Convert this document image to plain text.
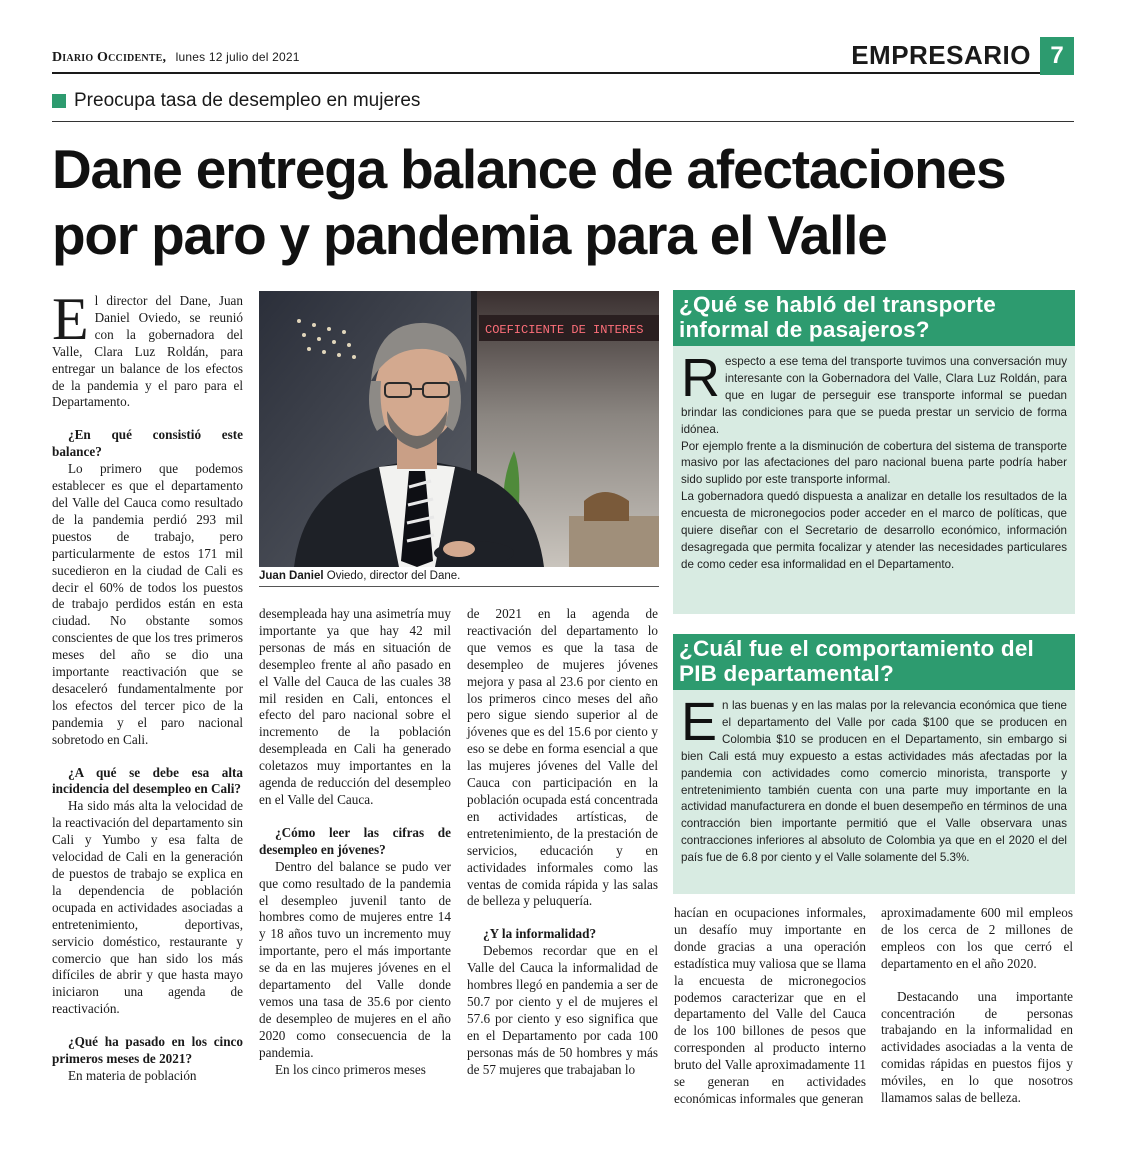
Diario Occidente, lunes 12 julio del 2021	EMPRESARIO 7
Preocupa tasa de desempleo en mujeres
Dane entrega balance de afectaciones por paro y pandemia para el Valle

El director del Dane, Juan Daniel Oviedo, se reunió con la gobernadora del Valle, Clara Luz Roldán, para entregar un balance de los efectos de la pandemia y el paro para el Departamento.

¿En qué consistió este balance?

Lo primero que podemos establecer es que el departamento del Valle del Cauca como resultado de la pandemia perdió 293 mil puestos de trabajo, pero particularmente de estos 171 mil sucedieron en la ciudad de Cali es decir el 60% de todos los puestos de trabajo perdidos están en esta ciudad. No obstante somos conscientes de que los tres primeros meses del año se dio una importante reactivación que se desaceleró fundamentalmente por los efectos del tercer pico de la pandemia y el paro nacional sobretodo en Cali.

¿A qué se debe esa alta incidencia del desempleo en Cali?

Ha sido más alta la velocidad de la reactivación del departamento sin Cali y Yumbo y esa falta de velocidad de Cali en la generación de puestos de trabajo se explica en la dependencia de población ocupada en actividades asociadas a entretenimiento, deportivas, servicio doméstico, restaurante y comercio que han sido los más difíciles de abrir y que hasta mayo iniciaron una agenda de reactivación.

¿Qué ha pasado en los cinco primeros meses de 2021?

En materia de población

COEFICIENTE DE INTERES
Juan Daniel Oviedo, director del Dane.

desempleada hay una asimetría muy importante ya que hay 42 mil personas de más en situación de desempleo frente al año pasado en el Valle del Cauca de las cuales 38 mil residen en Cali, entonces el efecto del paro nacional sobre el incremento de la población desempleada en Cali ha generado coletazos muy importantes en la agenda de reducción del desempleo en el Valle del Cauca.

¿Cómo leer las cifras de desempleo en jóvenes?

Dentro del balance se pudo ver que como resultado de la pandemia el desempleo juvenil tanto de hombres como de mujeres entre 14 y 18 años tuvo un incremento muy importante, pero el más importante se da en las mujeres jóvenes en el departamento del Valle donde vemos una tasa de 35.6 por ciento de desempleo de mujeres en el año 2020 como consecuencia de la pandemia.

En los cinco primeros meses

de 2021 en la agenda de reactivación del departamento lo que vemos es que la tasa de desempleo de mujeres jóvenes mejora y pasa al 23.6 por ciento en los primeros cinco meses del año pero sigue siendo superior al de jóvenes que es del 15.6 por ciento y eso se debe en forma esencial a que las mujeres jóvenes del Valle del Cauca con participación en la población ocupada está concentrada en actividades artísticas, de entretenimiento, de la prestación de servicios, educación y en actividades informales como las ventas de comida rápida y las salas de belleza y peluquería.

¿Y la informalidad?

Debemos recordar que en el Valle del Cauca la informalidad de hombres llegó en pandemia a ser de 50.7 por ciento y el de mujeres el 57.6 por ciento y eso significa que en el Departamento por cada 100 personas más de 50 hombres y más de 57 mujeres que trabajaban lo

hacían en ocupaciones informales, un desafío muy importante en donde gracias a una operación estadística muy valiosa que se llama la encuesta de micronegocios podemos caracterizar que en el departamento del Valle del Cauca de los 100 billones de pesos que corresponden al producto interno bruto del Valle aproximadamente 11 se generan en actividades económicas informales que generan

aproximadamente 600 mil empleos de los cerca de 2 millones de empleos con los que cerró el departamento en el año 2020.

Destacando una importante concentración de personas trabajando en la informalidad en actividades asociadas a la venta de comidas rápidas en puestos fijos y móviles, en lo que nosotros llamamos salas de belleza.

¿Qué se habló del transporte informal de pasajeros?

Respecto a ese tema del transporte tuvimos una conversación muy interesante con la Gobernadora del Valle, Clara Luz Roldán, para que en lugar de perseguir ese transporte informal se puedan brindar las condiciones para que se pueda prestar un servicio de forma idónea.

Por ejemplo frente a la disminución de cobertura del sistema de transporte masivo por las afectaciones del paro nacional buena parte podría haber sido suplido por este transporte informal.

La gobernadora quedó dispuesta a analizar en detalle los resultados de la encuesta de micronegocios poder acceder en el marco de políticas, que quiere diseñar con el Secretario de desarrollo económico, información desagregada que permita focalizar y atender las necesidades particulares de como ceder esa informalidad en el Departamento.

¿Cuál fue el comportamiento del PIB departamental?

En las buenas y en las malas por la relevancia económica que tiene el departamento del Valle por cada $100 que se producen en Colombia $10 se producen en el Departamento, sin embargo si bien Cali está muy expuesto a estas actividades más afectadas por la pandemia con actividades como comercio minorista, transporte y entretenimiento también cuenta con una parte muy importante en la actividad manufacturera en donde el buen desempeño en términos de una contracción bien importante permitió que el Valle observara unas contracciones inferiores al absoluto de Colombia ya que en el 2020 el del país fue de 6.8 por ciento y el Valle solamente del 5.3%.
